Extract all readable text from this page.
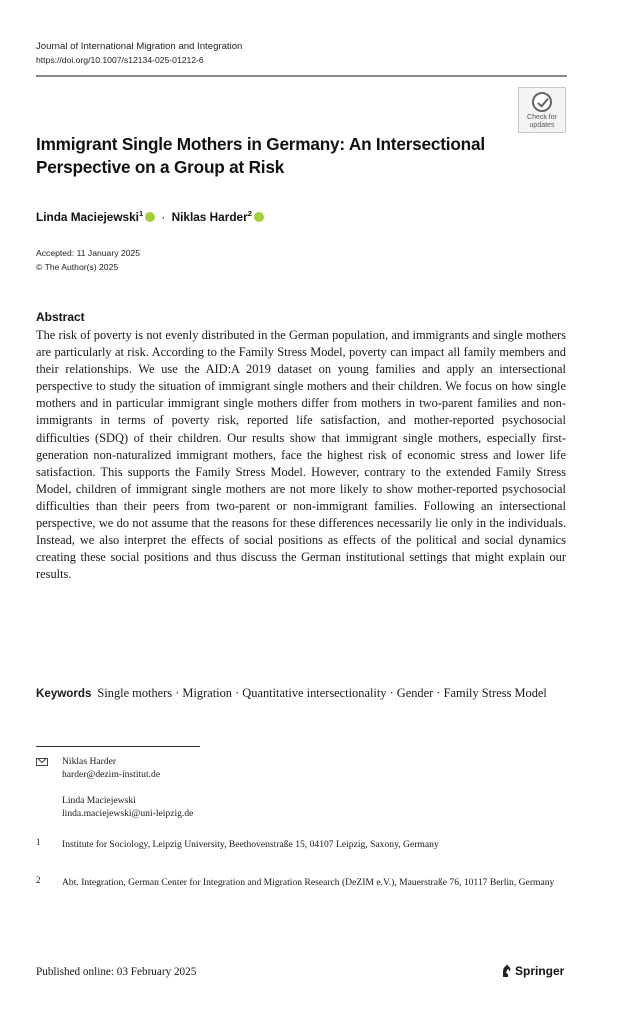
Journal of International Migration and Integration
https://doi.org/10.1007/s12134-025-01212-6
Check for
updates
Immigrant Single Mothers in Germany: An Intersectional Perspective on a Group at Risk
Linda Maciejewski$^1$ · Niklas Harder$^2$
Accepted: 11 January 2025
© The Author(s) 2025
Abstract

The risk of poverty is not evenly distributed in the German population, and immigrants and single mothers are particularly at risk. According to the Family Stress Model, poverty can impact all family members and their relationships. We use the AID:A 2019 dataset on young families and apply an intersectional perspective to study the situation of immigrant single mothers and their children. We focus on how single mothers and in particular immigrant single mothers differ from mothers in two-parent families and non-immigrants in terms of poverty risk, reported life satisfaction, and mother-reported psychosocial difficulties (SDQ) of their children. Our results show that immigrant single mothers, especially first-generation non-naturalized immigrant mothers, face the highest risk of economic stress and lower life satisfaction. This supports the Family Stress Model. However, contrary to the extended Family Stress Model, children of immigrant single mothers are not more likely to show mother-reported psychosocial difficulties than their peers from two-parent or non-immigrant families. Following an intersectional perspective, we do not assume that the reasons for these differences necessarily lie only in the individuals. Instead, we also interpret the effects of social positions as effects of the political and social dynamics creating these social positions and thus discuss the German institutional settings that might explain our results.

Keywords Single mothers · Migration · Quantitative intersectionality · Gender · Family Stress Model

Niklas Harder
harder@dezim-institut.de
Linda Maciejewski
linda.maciejewski@uni-leipzig.de
1 Institute for Sociology, Leipzig University, Beethovenstraße 15, 04107 Leipzig, Saxony, Germany
2 Abt. Integration, German Center for Integration and Migration Research (DeZIM e.V.), Mauerstraße 76, 10117 Berlin, Germany
Published online: 03 February 2025	Springer
